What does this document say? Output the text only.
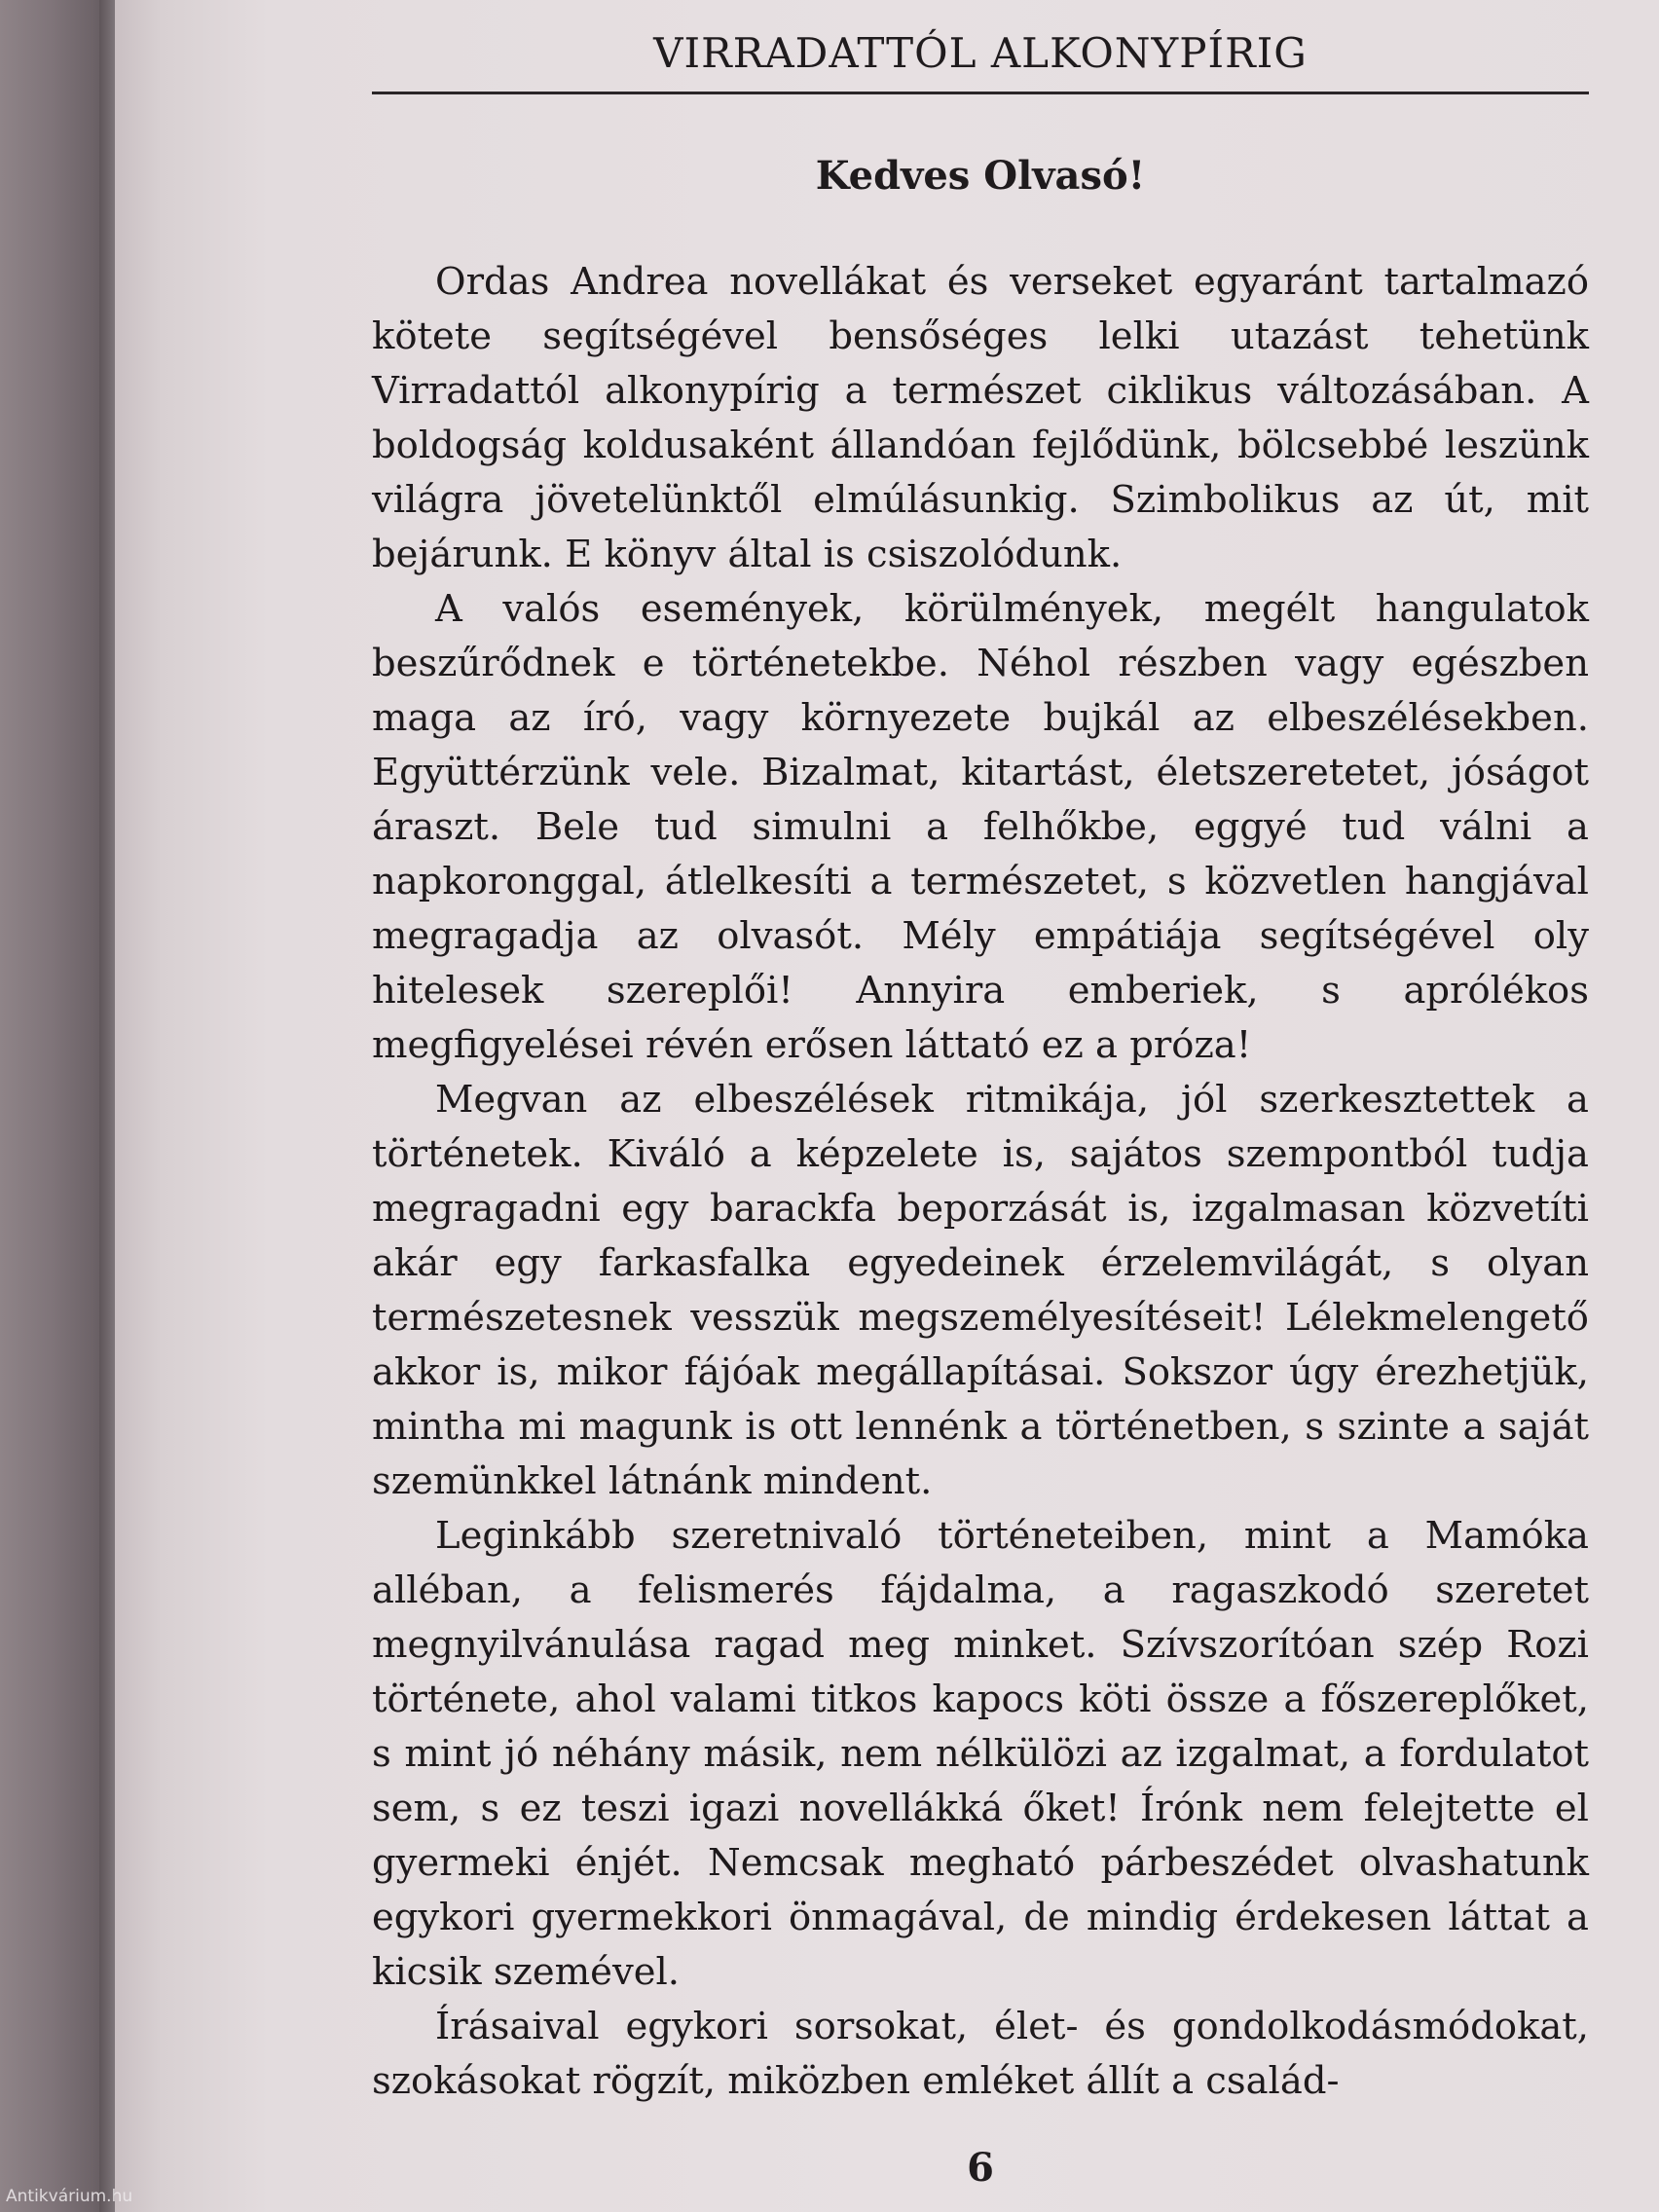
VIRRADATTÓL ALKONYPÍRIG
Kedves Olvasó!

Ordas Andrea novellákat és verseket egyaránt tartalmazó kötete segítségével bensőséges lelki utazást tehetünk Virradattól alkonypírig a természet ciklikus változásában. A boldogság koldusaként állandóan fejlődünk, bölcsebbé leszünk világra jövetelünktől elmúlásunkig. Szimbolikus az út, mit bejárunk. E könyv által is csiszolódunk.

A valós események, körülmények, megélt hangulatok beszűrődnek e történetekbe. Néhol részben vagy egészben maga az író, vagy környezete bujkál az elbeszélésekben. Együttérzünk vele. Bizalmat, kitartást, életszeretetet, jóságot áraszt. Bele tud simulni a felhőkbe, eggyé tud válni a napkoronggal, átlelkesíti a természetet, s közvetlen hangjával megragadja az olvasót. Mély empátiája segítségével oly hitelesek szereplői! Annyira emberiek, s aprólékos megfigyelései révén erősen láttató ez a próza!

Megvan az elbeszélések ritmikája, jól szerkesztettek a történetek. Kiváló a képzelete is, sajátos szempontból tudja megragadni egy barackfa beporzását is, izgalmasan közvetíti akár egy farkasfalka egyedeinek érzelemvilágát, s olyan természetesnek vesszük megszemélyesítéseit! Lélekmelengető akkor is, mikor fájóak megállapításai. Sokszor úgy érezhetjük, mintha mi magunk is ott lennénk a történetben, s szinte a saját szemünkkel látnánk mindent.

Leginkább szeretnivaló történeteiben, mint a Mamóka alléban, a felismerés fájdalma, a ragaszkodó szeretet megnyilvánulása ragad meg minket. Szívszorítóan szép Rozi története, ahol valami titkos kapocs köti össze a főszereplőket, s mint jó néhány másik, nem nélkülözi az izgalmat, a fordulatot sem, s ez teszi igazi novellákká őket! Írónk nem felejtette el gyermeki énjét. Nemcsak megható párbeszédet olvashatunk egykori gyermekkori önmagával, de mindig érdekesen láttat a kicsik szemével.

Írásaival egykori sorsokat, élet- és gondolkodásmódokat, szokásokat rögzít, miközben emléket állít a család-

6
Antikvárium.hu
